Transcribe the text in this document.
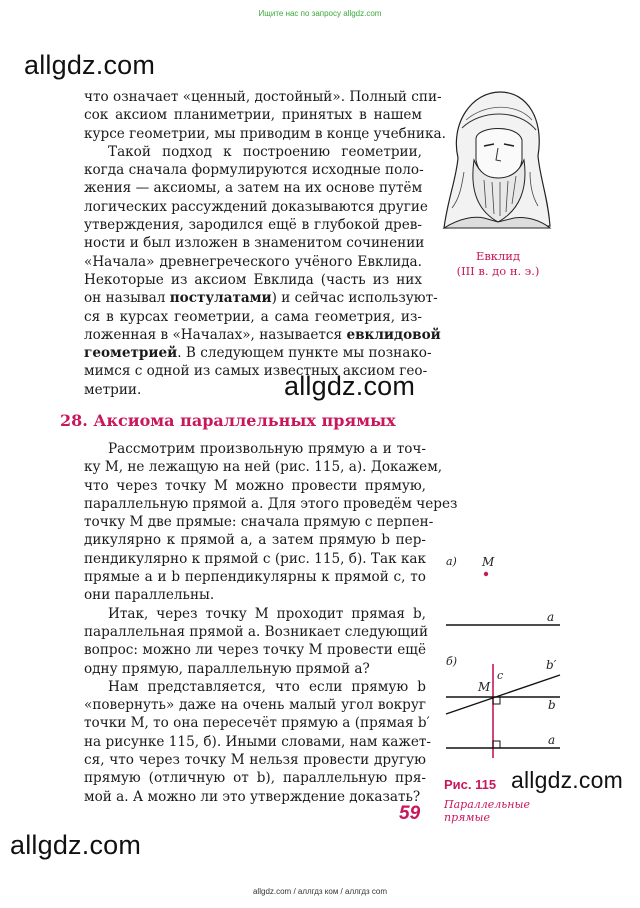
Ищите нас по запросу allgdz.com
allgdz.com
allgdz.com
allgdz.com
allgdz.com
что означает «ценный, достойный». Полный спи-
сок аксиом планиметрии, принятых в нашем
курсе геометрии, мы приводим в конце учебника.
Такой подход к построению геометрии,
когда сначала формулируются исходные поло-
жения — аксиомы, а затем на их основе путём
логических рассуждений доказываются другие
утверждения, зародился ещё в глубокой древ-
ности и был изложен в знаменитом сочинении
«Начала» древнегреческого учёного Евклида.
Некоторые из аксиом Евклида (часть из них
он называл постулатами) и сейчас используют-
ся в курсах геометрии, а сама геометрия, из-
ложенная в «Началах», называется евклидовой
геометрией. В следующем пункте мы познако-
мимся с одной из самых известных аксиом гео-
метрии.
Евклид
(III в. до н. э.)
28. Аксиома параллельных прямых
Рассмотрим произвольную прямую a и точ-
ку M, не лежащую на ней (рис. 115, a). Докажем,
что через точку M можно провести прямую,
параллельную прямой a. Для этого проведём через
точку M две прямые: сначала прямую c перпен-
дикулярно к прямой a, а затем прямую b пер-
пендикулярно к прямой c (рис. 115, б). Так как
прямые a и b перпендикулярны к прямой c, то
они параллельны.
Итак, через точку M проходит прямая b,
параллельная прямой a. Возникает следующий
вопрос: можно ли через точку M провести ещё
одну прямую, параллельную прямой a?
Нам представляется, что если прямую b
«повернуть» даже на очень малый угол вокруг
точки M, то она пересечёт прямую a (прямая b′
на рисунке 115, б). Иными словами, нам кажет-
ся, что через точку M нельзя провести другую
прямую (отличную от b), параллельную пря-
мой a. А можно ли это утверждение доказать?
а) M
a
б)
c
b
b′
M
a
Рис. 115
Параллельные прямые
59
allgdz.com / аллгдз ком / аллгдз com
